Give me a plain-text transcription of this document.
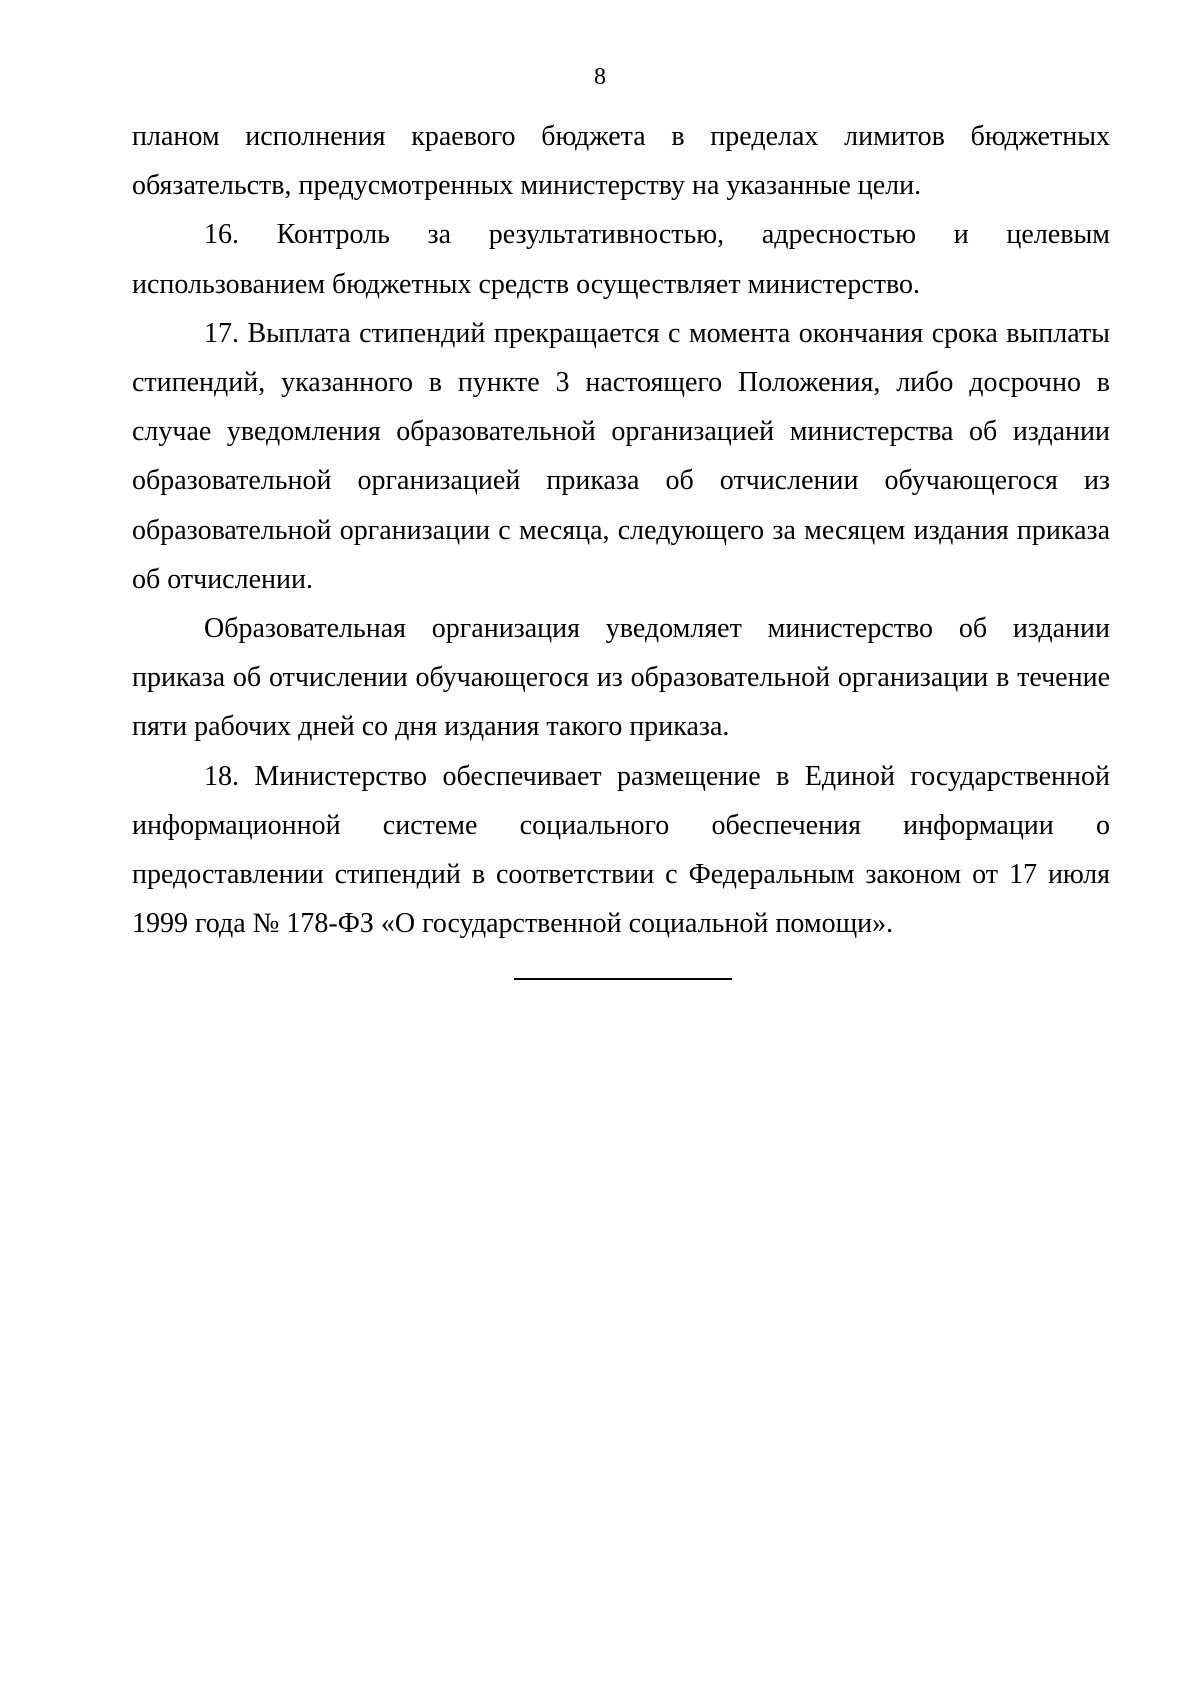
8

планом исполнения краевого бюджета в пределах лимитов бюджетных обязательств, предусмотренных министерству на указанные цели.

16. Контроль за результативностью, адресностью и целевым использованием бюджетных средств осуществляет министерство.

17. Выплата стипендий прекращается с момента окончания срока выплаты стипендий, указанного в пункте 3 настоящего Положения, либо досрочно в случае уведомления образовательной организацией министерства об издании образовательной организацией приказа об отчислении обучающегося из образовательной организации с месяца, следующего за месяцем издания приказа об отчислении.

Образовательная организация уведомляет министерство об издании приказа об отчислении обучающегося из образовательной организации в течение пяти рабочих дней со дня издания такого приказа.

18. Министерство обеспечивает размещение в Единой государственной информационной системе социального обеспечения информации о предоставлении стипендий в соответствии с Федеральным законом от 17 июля 1999 года № 178-ФЗ «О государственной социальной помощи».
